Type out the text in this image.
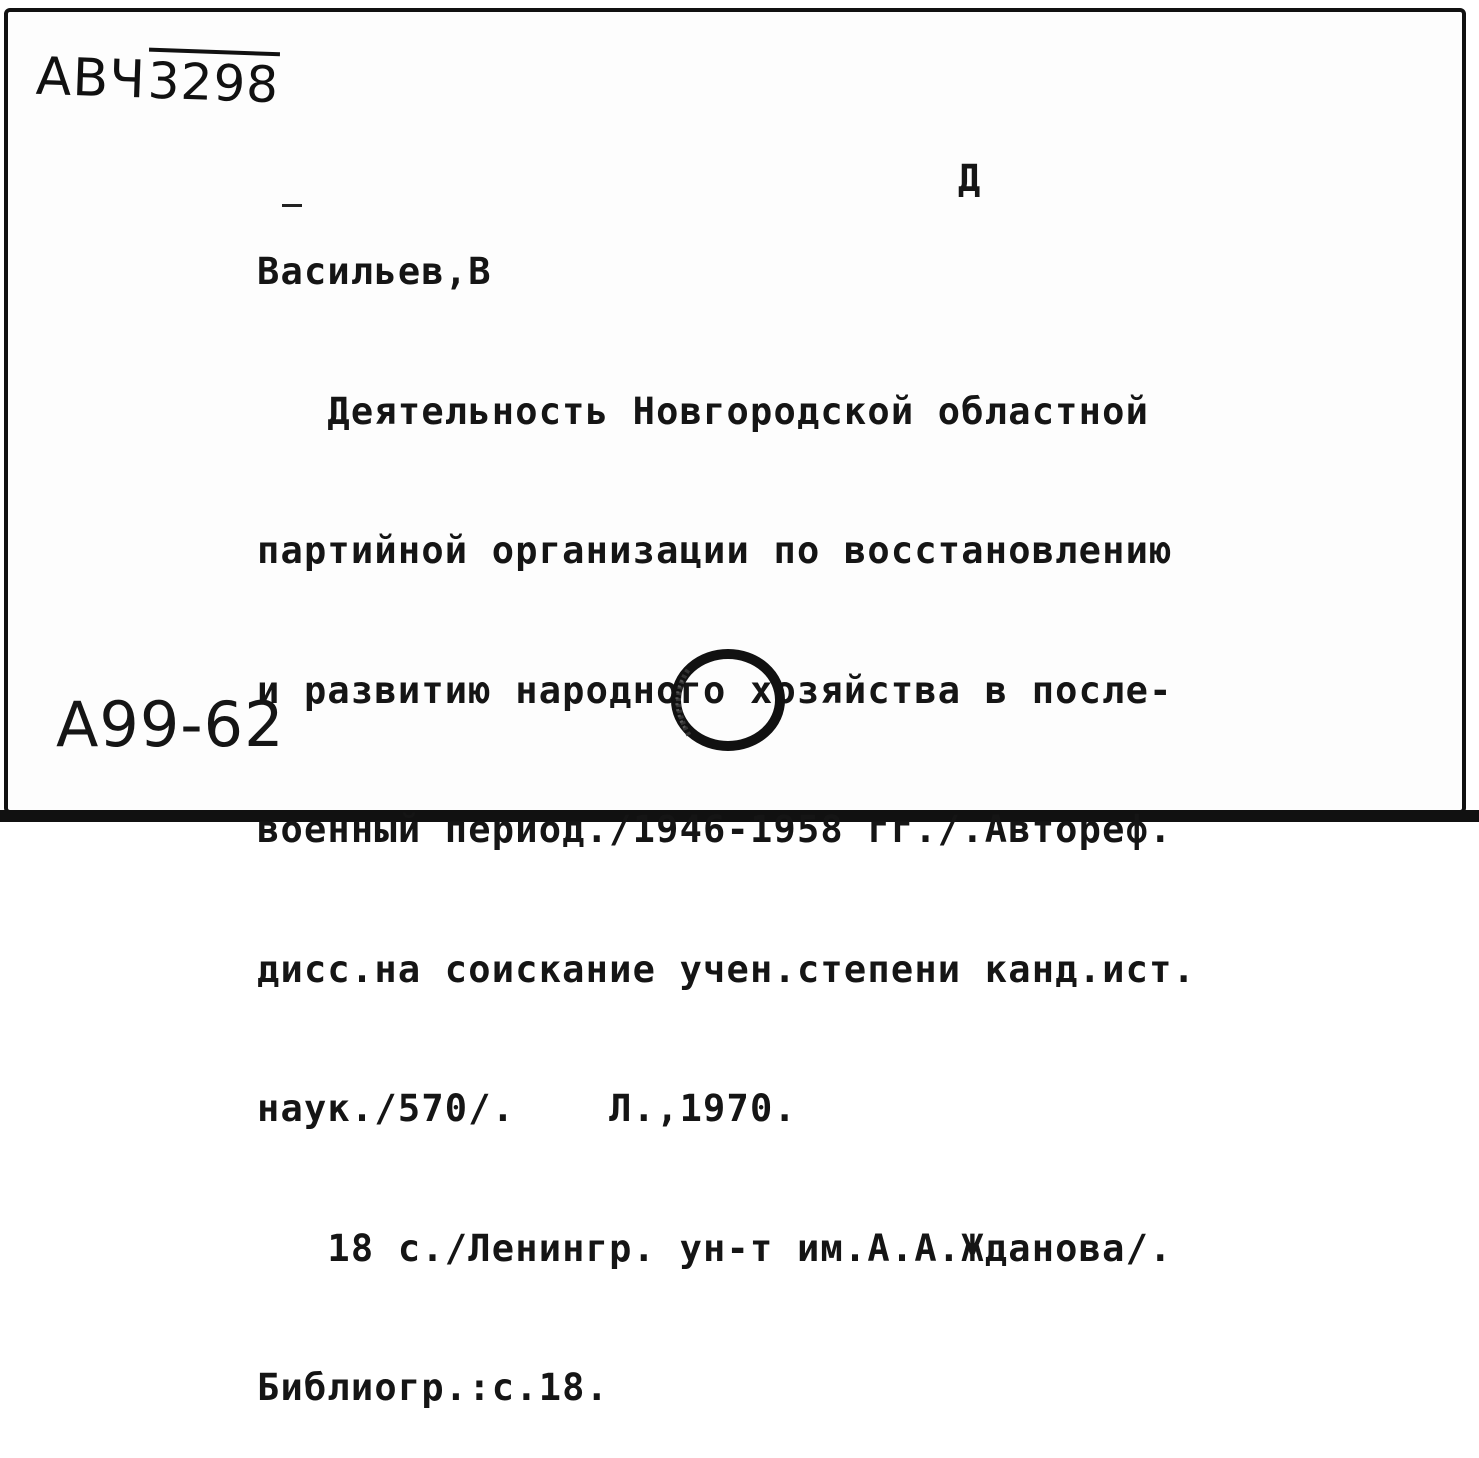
АВЧ3298
Д

Васильев,В

Деятельность Новгородской областной

партийной организации по восстановлению

и развитию народного хозяйства в после-

военный период./1946-1958 гг./.Автореф.

дисс.на соискание учен.степени канд.ист.

наук./570/.    Л.,1970.

18 с./Ленингр. ун-т им.А.А.Жданова/.

Библиогр.:с.18.

А99-62
